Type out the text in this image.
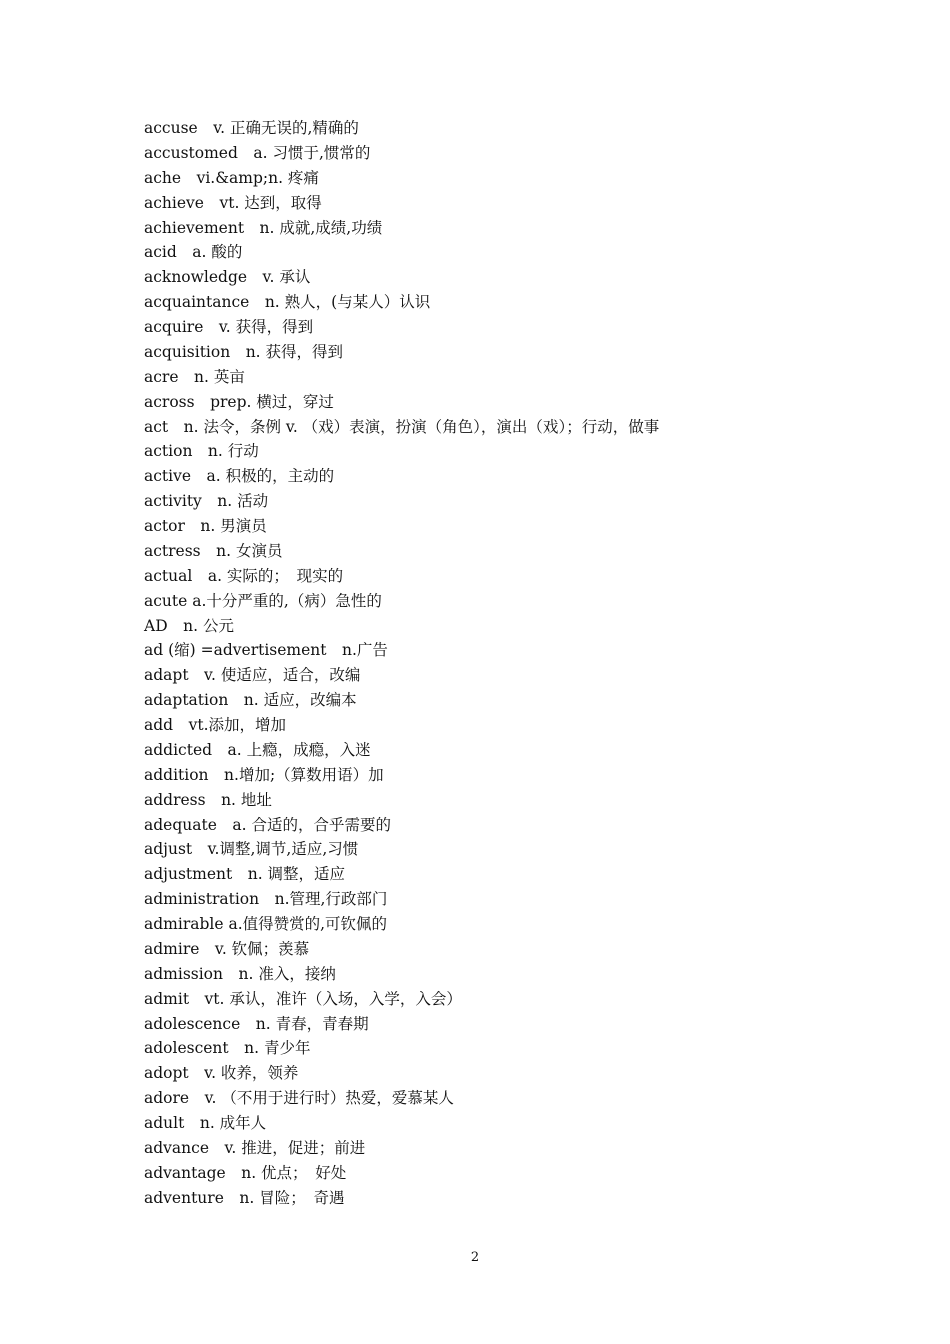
accuse　v. 正确无误的,精确的
accustomed　a. 习惯于,惯常的
ache　vi.&amp;n. 疼痛
achieve　vt. 达到，取得
achievement　n. 成就,成绩,功绩
acid　a. 酸的
acknowledge　v. 承认
acquaintance　n. 熟人，(与某人）认识
acquire　v. 获得，得到
acquisition　n. 获得，得到
acre　n. 英亩
across　prep. 横过，穿过
act　n. 法令，条例 v. （戏）表演，扮演（角色），演出（戏）；行动，做事
action　n. 行动
active　a. 积极的，主动的
activity　n. 活动
actor　n. 男演员
actress　n. 女演员
actual　a. 实际的；　现实的
acute a.十分严重的,（病）急性的
AD　n. 公元
ad (缩) =advertisement　n.广告
adapt　v. 使适应，适合，改编
adaptation　n. 适应，改编本
add　vt.添加，增加
addicted　a. 上瘾，成瘾，入迷
addition　n.增加;（算数用语）加
address　n. 地址
adequate　a. 合适的，合乎需要的
adjust　v.调整,调节,适应,习惯
adjustment　n. 调整，适应
administration　n.管理,行政部门
admirable a.值得赞赏的,可钦佩的
admire　v. 钦佩；羡慕
admission　n. 准入，接纳
admit　vt. 承认，准许（入场，入学，入会）
adolescence　n. 青春，青春期
adolescent　n. 青少年
adopt　v. 收养，领养
adore　v. （不用于进行时）热爱，爱慕某人
adult　n. 成年人
advance　v. 推进，促进；前进
advantage　n. 优点；　好处
adventure　n. 冒险；　奇遇
2
